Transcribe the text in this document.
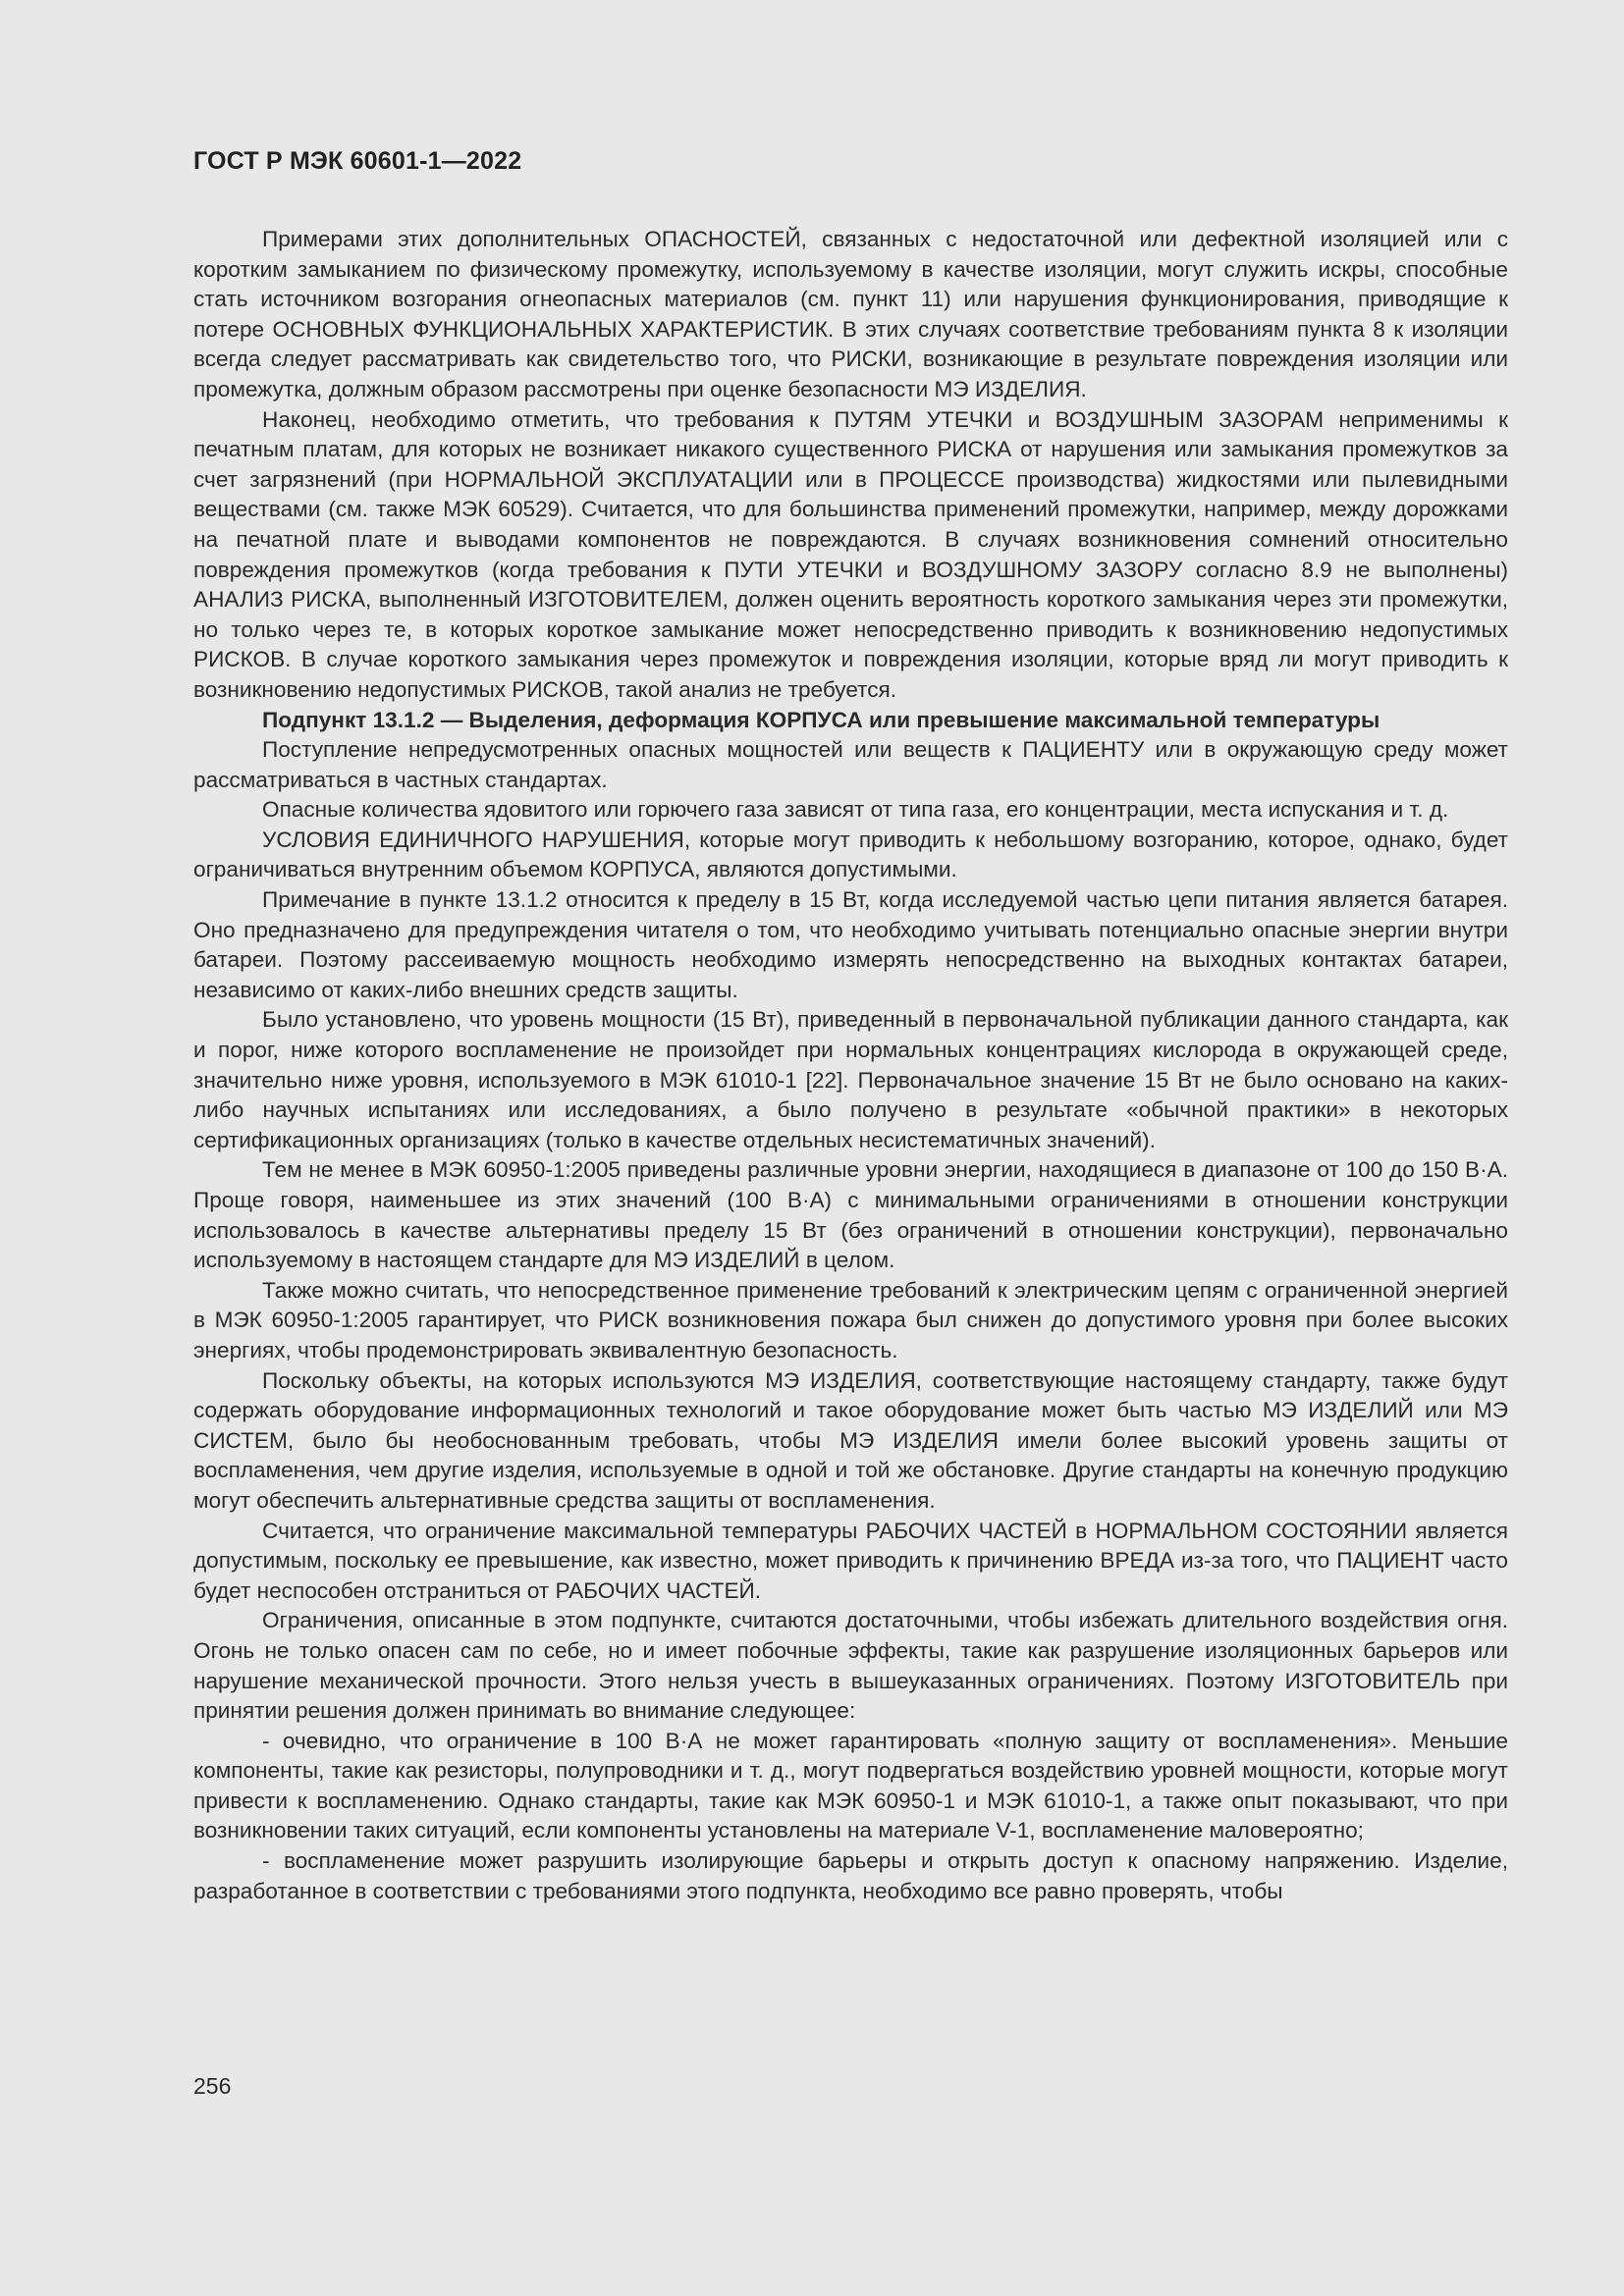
ГОСТ Р МЭК 60601-1—2022

Примерами этих дополнительных ОПАСНОСТЕЙ, связанных с недостаточной или дефектной изоляцией или с коротким замыканием по физическому промежутку, используемому в качестве изоляции, могут служить искры, способные стать источником возгорания огнеопасных материалов (см. пункт 11) или нарушения функционирования, приводящие к потере ОСНОВНЫХ ФУНКЦИОНАЛЬНЫХ ХАРАКТЕРИСТИК. В этих случаях соответствие требованиям пункта 8 к изоляции всегда следует рассматривать как свидетельство того, что РИСКИ, возникающие в результате повреждения изоляции или промежутка, должным образом рассмотрены при оценке безопасности МЭ ИЗДЕЛИЯ.

Наконец, необходимо отметить, что требования к ПУТЯМ УТЕЧКИ и ВОЗДУШНЫМ ЗАЗОРАМ неприменимы к печатным платам, для которых не возникает никакого существенного РИСКА от нарушения или замыкания промежутков за счет загрязнений (при НОРМАЛЬНОЙ ЭКСПЛУАТАЦИИ или в ПРОЦЕССЕ производства) жидкостями или пылевидными веществами (см. также МЭК 60529). Считается, что для большинства применений промежутки, например, между дорожками на печатной плате и выводами компонентов не повреждаются. В случаях возникновения сомнений относительно повреждения промежутков (когда требования к ПУТИ УТЕЧКИ и ВОЗДУШНОМУ ЗАЗОРУ согласно 8.9 не выполнены) АНАЛИЗ РИСКА, выполненный ИЗГОТОВИТЕЛЕМ, должен оценить вероятность короткого замыкания через эти промежутки, но только через те, в которых короткое замыкание может непосредственно приводить к возникновению недопустимых РИСКОВ. В случае короткого замыкания через промежуток и повреждения изоляции, которые вряд ли могут приводить к возникновению недопустимых РИСКОВ, такой анализ не требуется.

Подпункт 13.1.2 — Выделения, деформация КОРПУСА или превышение максимальной температуры

Поступление непредусмотренных опасных мощностей или веществ к ПАЦИЕНТУ или в окружающую среду может рассматриваться в частных стандартах.

Опасные количества ядовитого или горючего газа зависят от типа газа, его концентрации, места испускания и т. д.

УСЛОВИЯ ЕДИНИЧНОГО НАРУШЕНИЯ, которые могут приводить к небольшому возгоранию, которое, однако, будет ограничиваться внутренним объемом КОРПУСА, являются допустимыми.

Примечание в пункте 13.1.2 относится к пределу в 15 Вт, когда исследуемой частью цепи питания является батарея. Оно предназначено для предупреждения читателя о том, что необходимо учитывать потенциально опасные энергии внутри батареи. Поэтому рассеиваемую мощность необходимо измерять непосредственно на выходных контактах батареи, независимо от каких-либо внешних средств защиты.

Было установлено, что уровень мощности (15 Вт), приведенный в первоначальной публикации данного стандарта, как и порог, ниже которого воспламенение не произойдет при нормальных концентрациях кислорода в окружающей среде, значительно ниже уровня, используемого в МЭК 61010-1 [22]. Первоначальное значение 15 Вт не было основано на каких-либо научных испытаниях или исследованиях, а было получено в результате «обычной практики» в некоторых сертификационных организациях (только в качестве отдельных несистематичных значений).

Тем не менее в МЭК 60950-1:2005 приведены различные уровни энергии, находящиеся в диапазоне от 100 до 150 В·А. Проще говоря, наименьшее из этих значений (100 В·А) с минимальными ограничениями в отношении конструкции использовалось в качестве альтернативы пределу 15 Вт (без ограничений в отношении конструкции), первоначально используемому в настоящем стандарте для МЭ ИЗДЕЛИЙ в целом.

Также можно считать, что непосредственное применение требований к электрическим цепям с ограниченной энергией в МЭК 60950-1:2005 гарантирует, что РИСК возникновения пожара был снижен до допустимого уровня при более высоких энергиях, чтобы продемонстрировать эквивалентную безопасность.

Поскольку объекты, на которых используются МЭ ИЗДЕЛИЯ, соответствующие настоящему стандарту, также будут содержать оборудование информационных технологий и такое оборудование может быть частью МЭ ИЗДЕЛИЙ или МЭ СИСТЕМ, было бы необоснованным требовать, чтобы МЭ ИЗДЕЛИЯ имели более высокий уровень защиты от воспламенения, чем другие изделия, используемые в одной и той же обстановке. Другие стандарты на конечную продукцию могут обеспечить альтернативные средства защиты от воспламенения.

Считается, что ограничение максимальной температуры РАБОЧИХ ЧАСТЕЙ в НОРМАЛЬНОМ СОСТОЯНИИ является допустимым, поскольку ее превышение, как известно, может приводить к причинению ВРЕДА из-за того, что ПАЦИЕНТ часто будет неспособен отстраниться от РАБОЧИХ ЧАСТЕЙ.

Ограничения, описанные в этом подпункте, считаются достаточными, чтобы избежать длительного воздействия огня. Огонь не только опасен сам по себе, но и имеет побочные эффекты, такие как разрушение изоляционных барьеров или нарушение механической прочности. Этого нельзя учесть в вышеуказанных ограничениях. Поэтому ИЗГОТОВИТЕЛЬ при принятии решения должен принимать во внимание следующее:

- очевидно, что ограничение в 100 В·А не может гарантировать «полную защиту от воспламенения». Меньшие компоненты, такие как резисторы, полупроводники и т. д., могут подвергаться воздействию уровней мощности, которые могут привести к воспламенению. Однако стандарты, такие как МЭК 60950-1 и МЭК 61010-1, а также опыт показывают, что при возникновении таких ситуаций, если компоненты установлены на материале V-1, воспламенение маловероятно;

- воспламенение может разрушить изолирующие барьеры и открыть доступ к опасному напряжению. Изделие, разработанное в соответствии с требованиями этого подпункта, необходимо все равно проверять, чтобы

256
